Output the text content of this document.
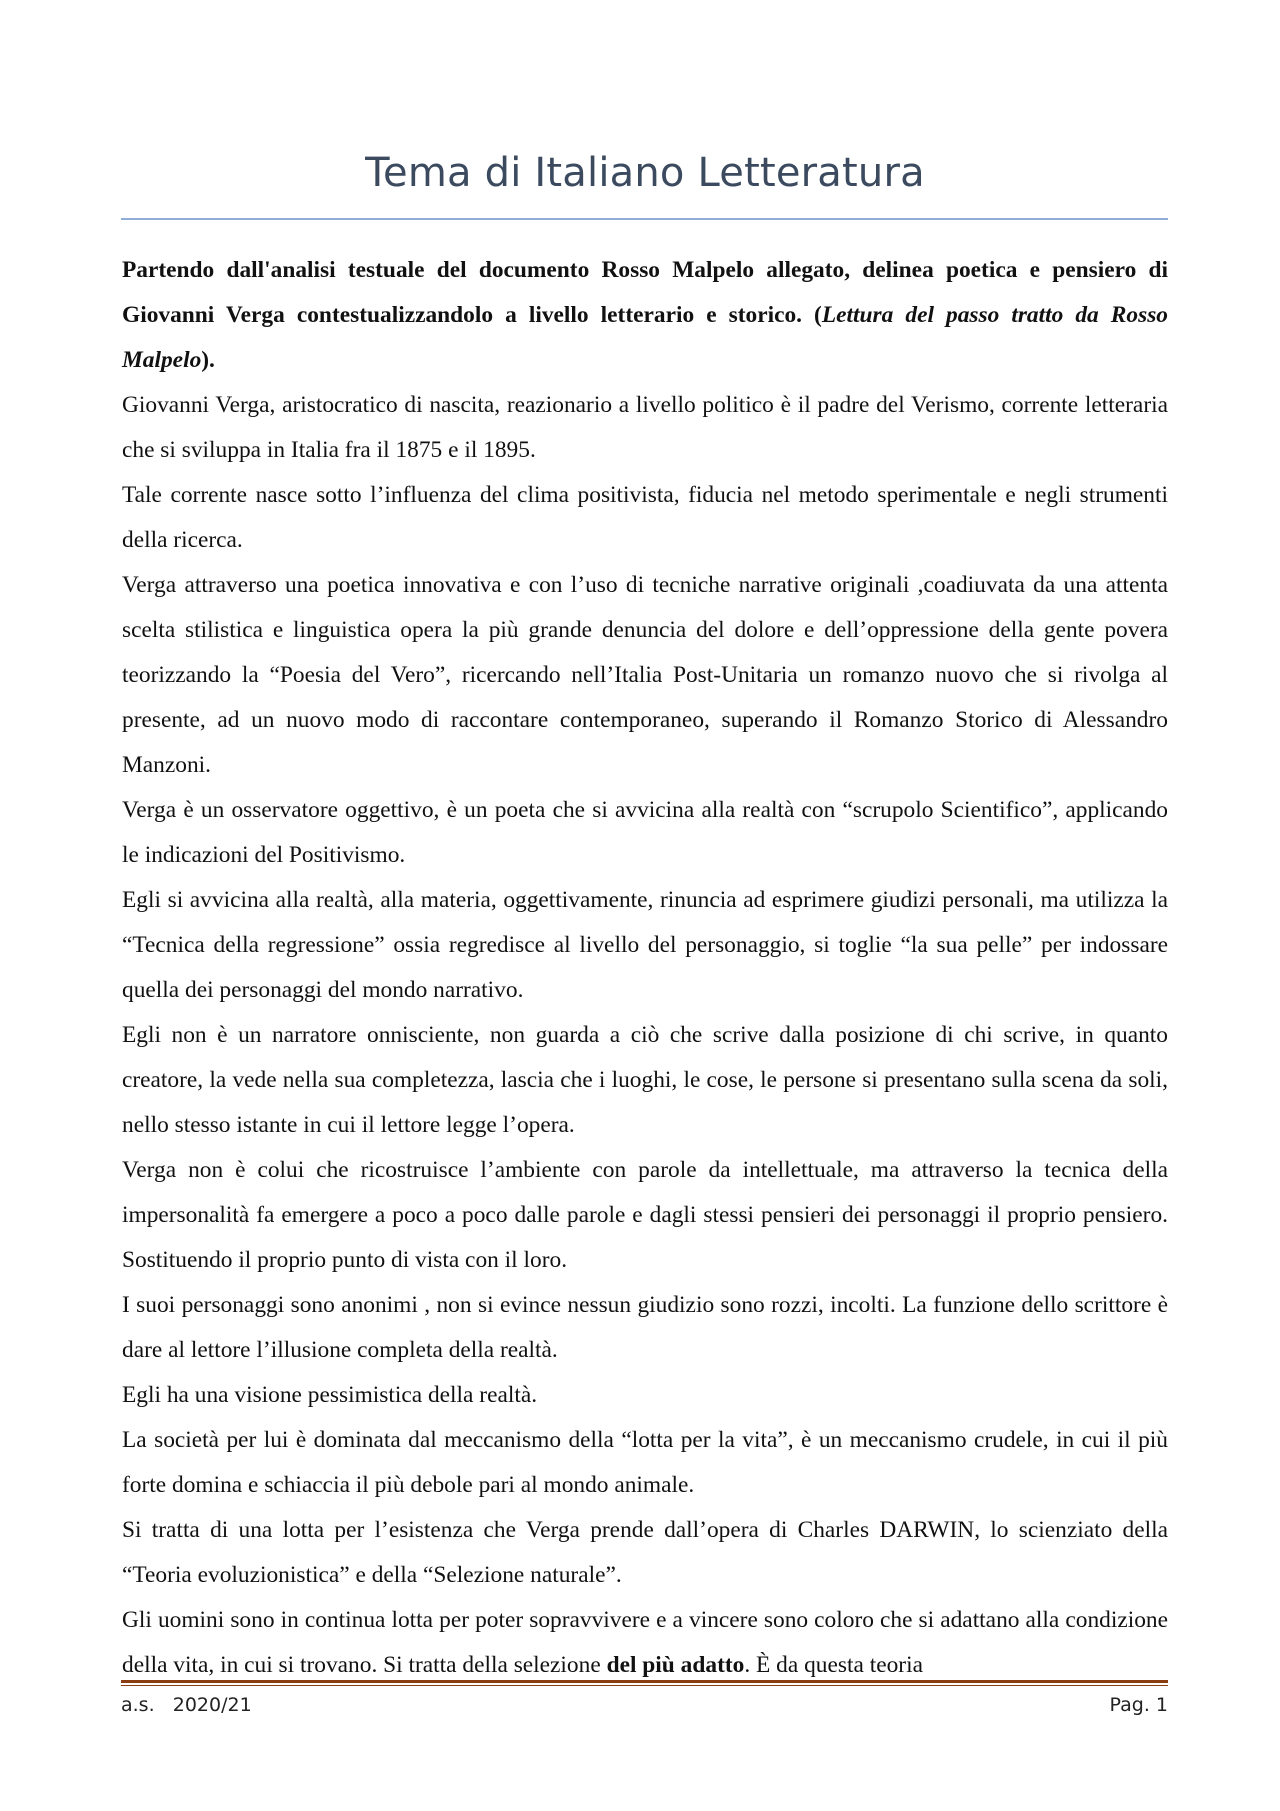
Tema di Italiano Letteratura

Partendo dall'analisi testuale del documento Rosso Malpelo allegato, delinea poetica e pensiero di Giovanni Verga contestualizzandolo a livello letterario e storico. (Lettura del passo tratto da Rosso Malpelo).

Giovanni Verga, aristocratico di nascita, reazionario a livello politico è il padre del Verismo, corrente letteraria che si sviluppa in Italia fra il 1875 e il 1895.

Tale corrente nasce sotto l’influenza del clima positivista, fiducia nel metodo sperimentale e negli strumenti della ricerca.

Verga attraverso una poetica innovativa e con l’uso di tecniche narrative originali ,coadiuvata da una attenta scelta stilistica e linguistica opera la più grande denuncia del dolore e dell’oppressione della gente povera teorizzando la “Poesia del Vero”, ricercando nell’Italia Post-Unitaria un romanzo nuovo che si rivolga al presente, ad un nuovo modo di raccontare contemporaneo, superando il Romanzo Storico di Alessandro Manzoni.

Verga è un osservatore oggettivo, è un poeta che si avvicina alla realtà con “scrupolo Scientifico”, applicando le indicazioni del Positivismo.

Egli si avvicina alla realtà, alla materia, oggettivamente, rinuncia ad esprimere giudizi personali, ma utilizza la “Tecnica della regressione” ossia regredisce al livello del personaggio, si toglie “la sua pelle” per indossare quella dei personaggi del mondo narrativo.

Egli non è un narratore onnisciente, non guarda a ciò che scrive dalla posizione di chi scrive, in quanto creatore, la vede nella sua completezza, lascia che i luoghi, le cose, le persone si presentano sulla scena da soli, nello stesso istante in cui il lettore legge l’opera.

Verga non è colui che ricostruisce l’ambiente con parole da intellettuale, ma attraverso la tecnica della impersonalità fa emergere a poco a poco dalle parole e dagli stessi pensieri dei personaggi il proprio pensiero. Sostituendo il proprio punto di vista con il loro.

I suoi personaggi sono anonimi , non si evince nessun giudizio sono rozzi, incolti. La funzione dello scrittore è dare al lettore l’illusione completa della realtà.

Egli ha una visione pessimistica della realtà.

La società per lui è dominata dal meccanismo della “lotta per la vita”, è un meccanismo crudele, in cui il più forte domina e schiaccia il più debole pari al mondo animale.

Si tratta di una lotta per l’esistenza che Verga prende dall’opera di Charles DARWIN, lo scienziato della “Teoria evoluzionistica” e della “Selezione naturale”.

Gli uomini sono in continua lotta per poter sopravvivere e a vincere sono coloro che si adattano alla condizione della vita, in cui si trovano. Si tratta della selezione del più adatto. È da questa teoria

a.s.   2020/21	Pag. 1
